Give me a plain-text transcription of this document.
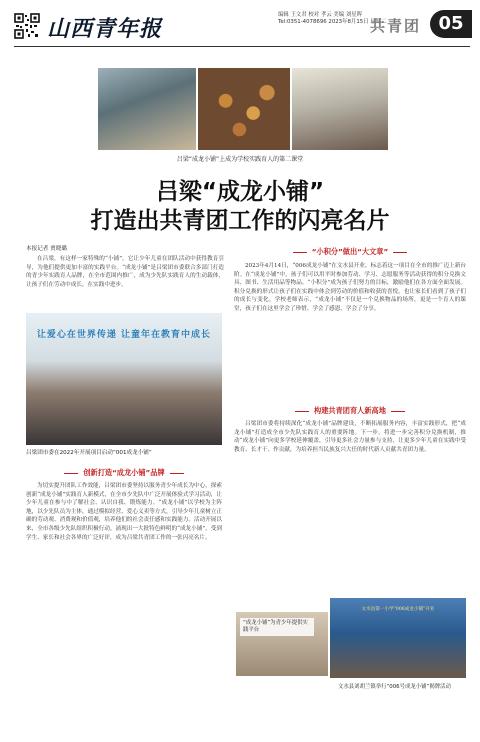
山西青年报
编辑 王文君 校对 孝云 美编 刘星晖
Tel:0351-4078696 2023年8月15日 星期二
共青团 05
吕梁“成龙小铺”上成为学校实践育人的第二课堂
吕梁“成龙小铺”
打造出共青团工作的闪亮名片
本报记者 贾晓璐
在吕梁，有这样一家特殊的“小铺”，它让少年儿童在团队活动中获得教育引导，为他们提供更加丰富的实践平台。“成龙小铺”是吕梁团市委联合多部门打造的青少年实践育人品牌，在全市范围内推广，成为少先队实践育人的生动载体，让孩子们在劳动中成长，在实践中进步。
让爱心在世界传递 让童年在教育中成长
吕梁团市委在2022年开展项目启动“001成龙小铺”
创新打造“成龙小铺”品牌

为切实提升团队工作效能，吕梁团市委坚持以服务青少年成长为中心，探索创新“成龙小铺”实践育人新模式，在全市少先队中广泛开展体验式学习活动，让少年儿童在参与中了解社会、认识自我、锻炼能力。“成龙小铺”以学校为主阵地，以少先队员为主体，通过模拟经营、爱心义卖等方式，引导少年儿童树立正确的劳动观、消费观和价值观，培养他们的社会责任感和实践能力。活动开展以来，全市各级少先队组织积极行动，涌现出一大批特色鲜明的“成龙小铺”，受到学生、家长和社会各界的广泛好评，成为吕梁共青团工作的一张闪亮名片。

“小积分”做出“大文章”

2023年4月14日，“006成龙小铺”在文水县开业，标志着这一项目在全市的推广迈上新台阶。在“成龙小铺”中，孩子们可以用平时参加劳动、学习、志愿服务等活动获得的积分兑换文具、图书、生活用品等物品。“小积分”成为孩子们努力的目标，激励他们在各方面全面发展。积分兑换的形式让孩子们在实践中体会到劳动的价值和收获的喜悦，也让家长们看到了孩子们的成长与变化。学校老师表示，“成龙小铺”不仅是一个兑换物品的场所，更是一个育人的课堂，孩子们在这里学会了珍惜、学会了感恩、学会了分享。

构建共青团育人新高地

吕梁团市委将持续深化“成龙小铺”品牌建设，不断拓展服务内容，丰富实践形式，把“成龙小铺”打造成全市少先队实践育人的重要阵地。下一步，将进一步完善积分兑换机制，推动“成龙小铺”向更多学校延伸覆盖，引导更多社会力量参与支持，让更多少年儿童在实践中受教育、长才干、作贡献，为培养担当民族复兴大任的时代新人贡献共青团力量。

“成龙小铺”为青少年提供实践平台
文水县第一小学“006成龙小铺”开业
文水县刘胡兰镇举行“006号成龙小铺”揭牌活动
